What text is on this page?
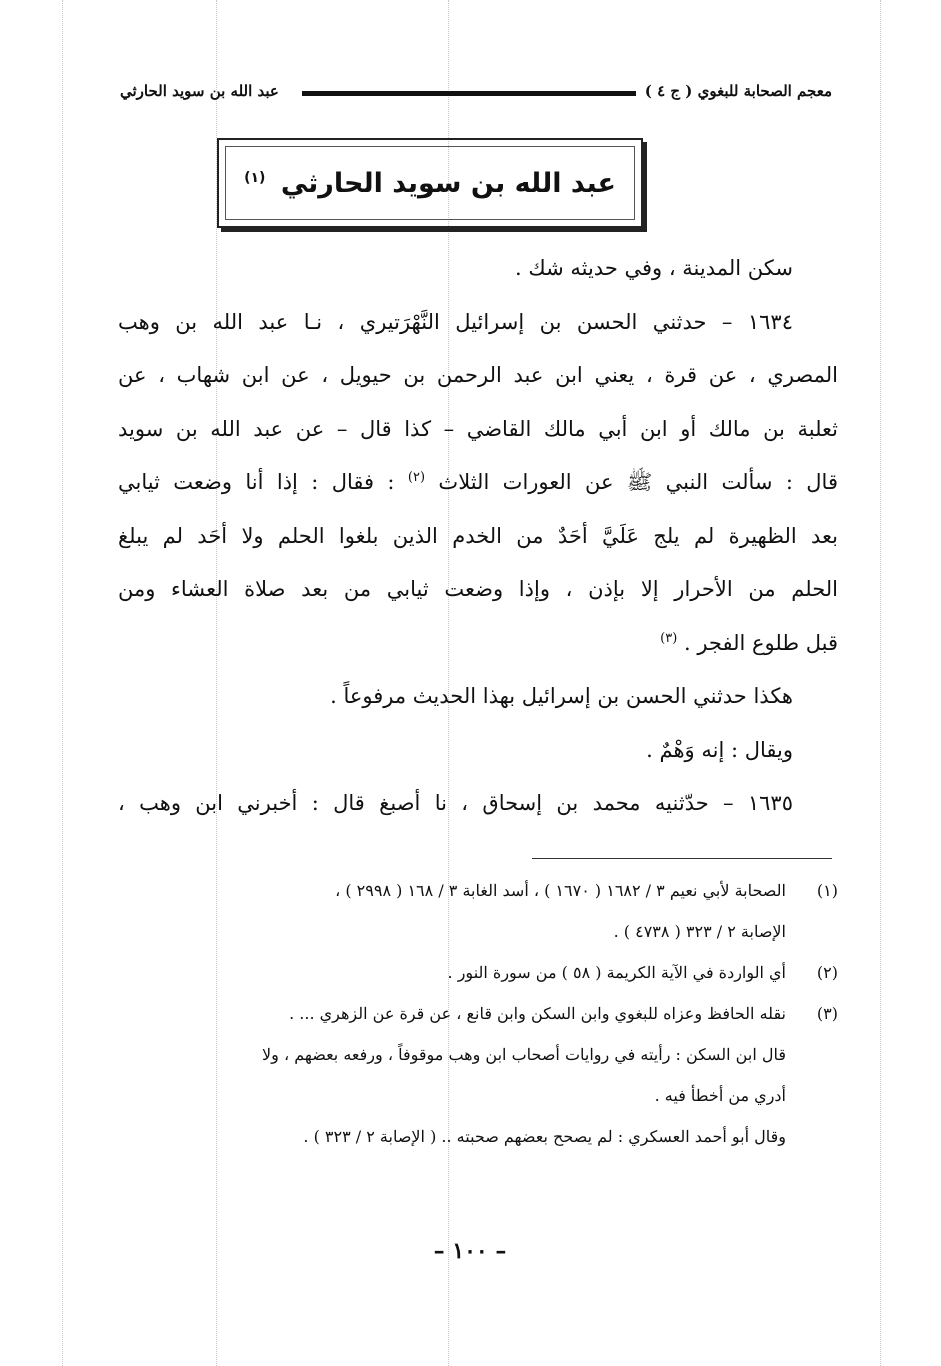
معجم الصحابة للبغوي ( ج ٤ )
عبد الله بن سويد الحارثي
عبد الله بن سويد الحارثي $^{(١)}$
سكن المدينة ، وفي حديثه شك .
١٦٣٤ – حدثني الحسن بن إسرائيل النَّهْرَتيري ، نـا عبد الله بن وهب
المصري ، عن قرة ، يعني ابن عبد الرحمن بن حيويل ، عن ابن شهاب ، عن
ثعلبة بن مالك أو ابن أبي مالك القاضي – كذا قال – عن عبد الله بن سويد
قال : سألت النبي ﷺ عن العورات الثلاث $^{(٢)}$ : فقال : إذا أنا وضعت ثيابي
بعد الظهيرة لم يلج عَلَيَّ أحَدٌ من الخدم الذين بلغوا الحلم ولا أحَد لم يبلغ
الحلم من الأحرار إلا بإذن ، وإذا وضعت ثيابي من بعد صلاة العشاء ومن
قبل طلوع الفجر . $^{(٣)}$
هكذا حدثني الحسن بن إسرائيل بهذا الحديث مرفوعاً .
ويقال : إنه وَهْمٌ .
١٦٣٥ – حدّثنيه محمد بن إسحاق ، نا أصبغ قال : أخبرني ابن وهب ،
(١)الصحابة لأبي نعيم ٣ / ١٦٨٢ ( ١٦٧٠ ) ، أسد الغابة ٣ / ١٦٨ ( ٢٩٩٨ ) ،
الإصابة ٢ / ٣٢٣ ( ٤٧٣٨ ) .
(٢)أي الواردة في الآية الكريمة ( ٥٨ ) من سورة النور .
(٣)نقله الحافظ وعزاه للبغوي وابن السكن وابن قانع ، عن قرة عن الزهري ... .
قال ابن السكن : رأيته في روايات أصحاب ابن وهب موقوفاً ، ورفعه بعضهم ، ولا
أدري من أخطأ فيه .
وقال أبو أحمد العسكري : لم يصحح بعضهم صحبته .. ( الإصابة ٢ / ٣٢٣ ) .
– ١٠٠ –
